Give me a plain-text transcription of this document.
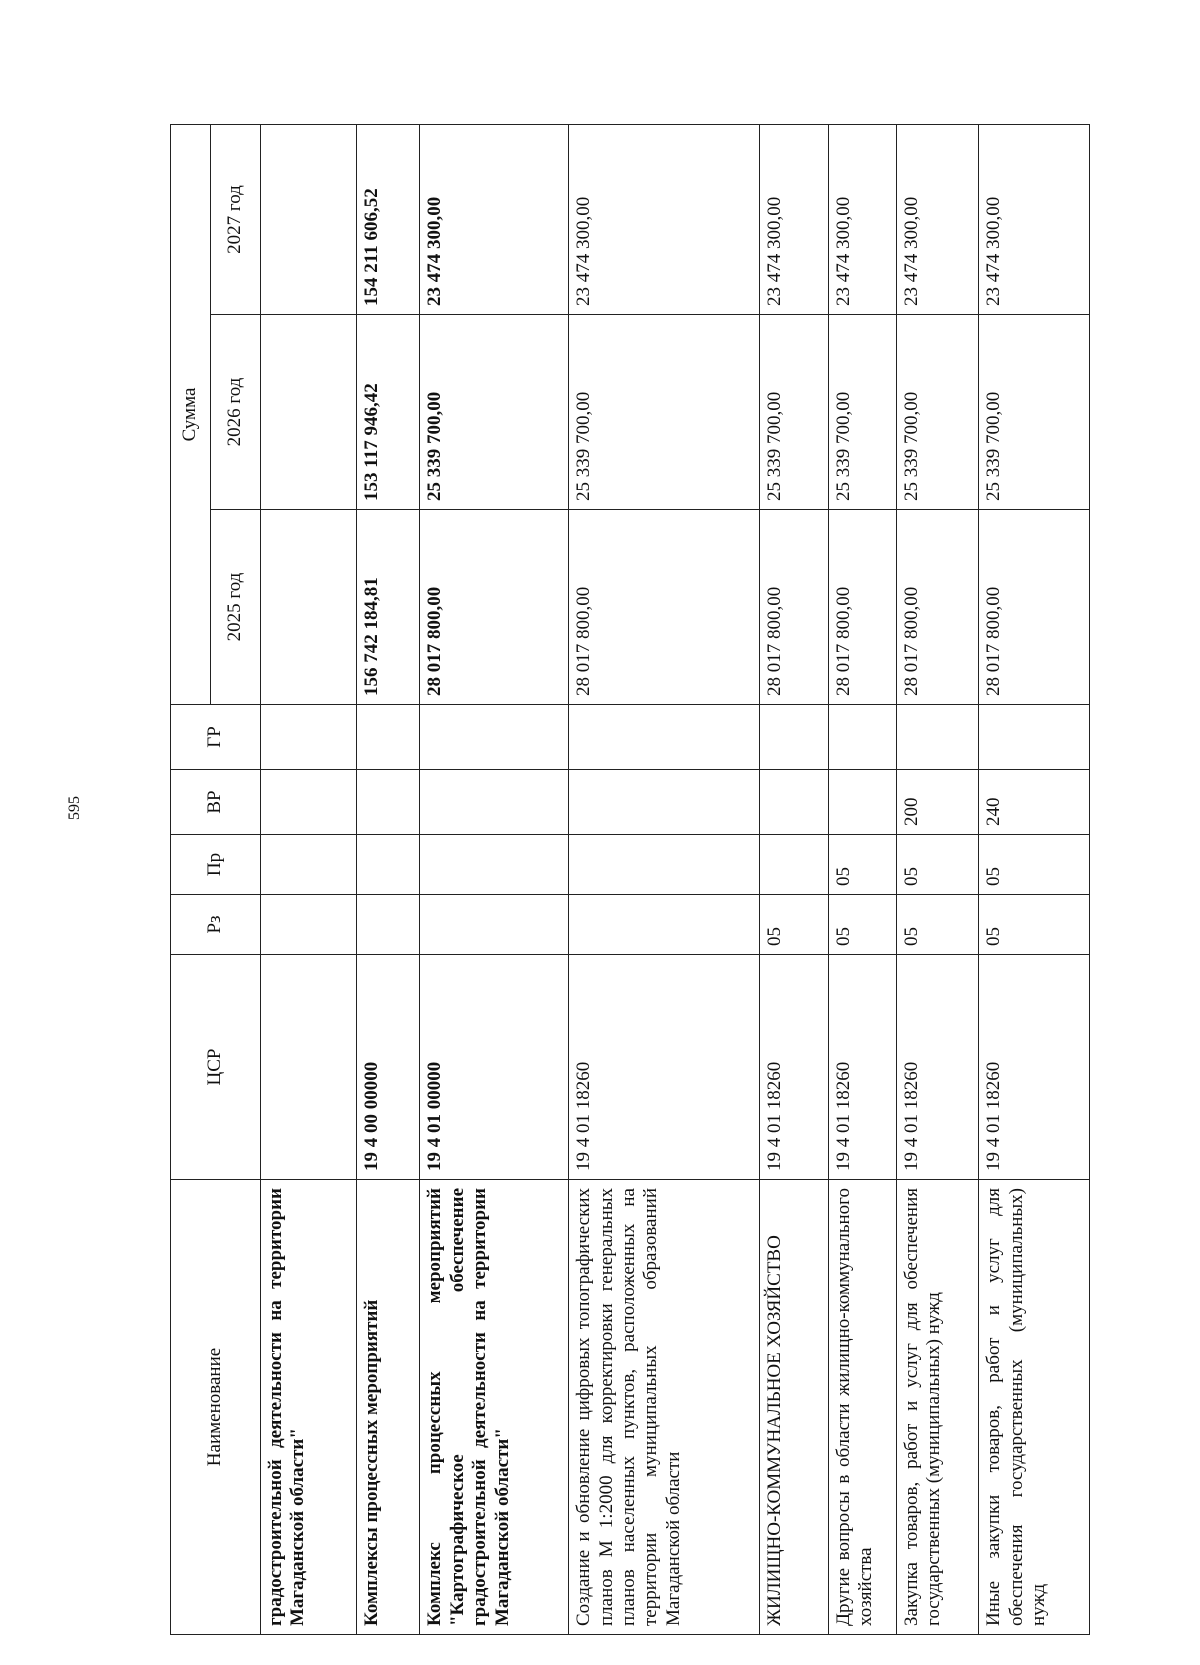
595
Наименование	ЦСР	Рз	Пр	ВР	ГР	Сумма		
						2025 год	2026 год	2027 год
градостроительной деятельности на территории Магаданской области"								
Комплексы процессных мероприятий	19 4 00 00000					156 742 184,81	153 117 946,42	154 211 606,52
Комплекс процессных мероприятий "Картографическое обеспечение градостроительной деятельности на территории Магаданской области"	19 4 01 00000					28 017 800,00	25 339 700,00	23 474 300,00
Создание и обновление цифровых топографических планов М 1:2000 для корректировки генеральных планов населенных пунктов, расположенных на территории муниципальных образований Магаданской области	19 4 01 18260					28 017 800,00	25 339 700,00	23 474 300,00
ЖИЛИЩНО-КОММУНАЛЬНОЕ ХОЗЯЙСТВО	19 4 01 18260	05				28 017 800,00	25 339 700,00	23 474 300,00
Другие вопросы в области жилищно-коммунального хозяйства	19 4 01 18260	05	05			28 017 800,00	25 339 700,00	23 474 300,00
Закупка товаров, работ и услуг для обеспечения государственных (муниципальных) нужд	19 4 01 18260	05	05	200		28 017 800,00	25 339 700,00	23 474 300,00
Иные закупки товаров, работ и услуг для обеспечения государственных (муниципальных) нужд	19 4 01 18260	05	05	240		28 017 800,00	25 339 700,00	23 474 300,00
